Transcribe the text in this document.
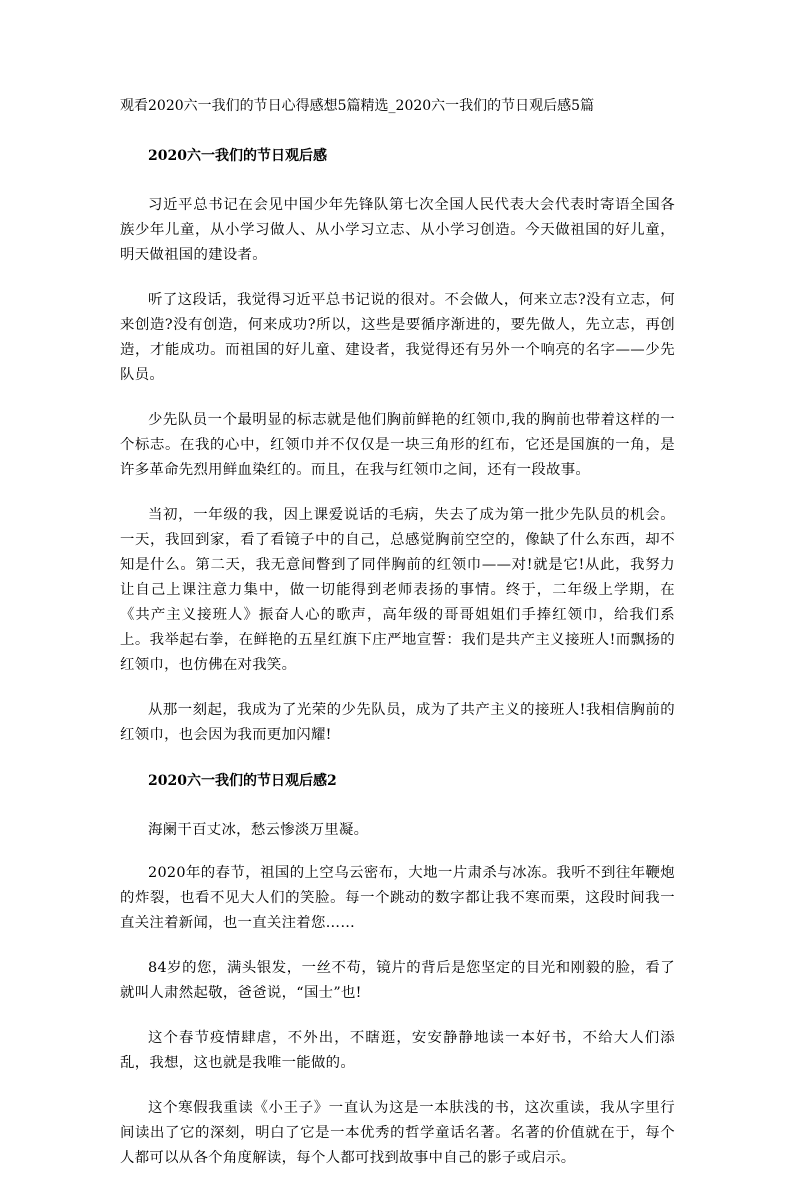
观看2020六一我们的节日心得感想5篇精选_2020六一我们的节日观后感5篇
2020六一我们的节日观后感

习近平总书记在会见中国少年先锋队第七次全国人民代表大会代表时寄语全国各族少年儿童，从小学习做人、从小学习立志、从小学习创造。今天做祖国的好儿童，明天做祖国的建设者。

听了这段话，我觉得习近平总书记说的很对。不会做人，何来立志?没有立志，何来创造?没有创造，何来成功?所以，这些是要循序渐进的，要先做人，先立志，再创造，才能成功。而祖国的好儿童、建设者，我觉得还有另外一个响亮的名字——少先队员。

少先队员一个最明显的标志就是他们胸前鲜艳的红领巾,我的胸前也带着这样的一个标志。在我的心中，红领巾并不仅仅是一块三角形的红布，它还是国旗的一角，是许多革命先烈用鲜血染红的。而且，在我与红领巾之间，还有一段故事。

当初，一年级的我，因上课爱说话的毛病，失去了成为第一批少先队员的机会。一天，我回到家，看了看镜子中的自己，总感觉胸前空空的，像缺了什么东西，却不知是什么。第二天，我无意间瞥到了同伴胸前的红领巾——对!就是它!从此，我努力让自己上课注意力集中，做一切能得到老师表扬的事情。终于，二年级上学期，在《共产主义接班人》振奋人心的歌声，高年级的哥哥姐姐们手捧红领巾，给我们系上。我举起右拳，在鲜艳的五星红旗下庄严地宣誓：我们是共产主义接班人!而飘扬的红领巾，也仿佛在对我笑。

从那一刻起，我成为了光荣的少先队员，成为了共产主义的接班人!我相信胸前的红领巾，也会因为我而更加闪耀!

2020六一我们的节日观后感2

海阑干百丈冰，愁云惨淡万里凝。

2020年的春节，祖国的上空乌云密布，大地一片肃杀与冰冻。我听不到往年鞭炮的炸裂，也看不见大人们的笑脸。每一个跳动的数字都让我不寒而栗，这段时间我一直关注着新闻，也一直关注着您……

84岁的您，满头银发，一丝不苟，镜片的背后是您坚定的目光和刚毅的脸，看了就叫人肃然起敬，爸爸说，“国士”也!

这个春节疫情肆虐，不外出，不瞎逛，安安静静地读一本好书，不给大人们添乱，我想，这也就是我唯一能做的。

这个寒假我重读《小王子》一直认为这是一本肤浅的书，这次重读，我从字里行间读出了它的深刻，明白了它是一本优秀的哲学童话名著。名著的价值就在于，每个人都可以从各个角度解读，每个人都可找到故事中自己的影子或启示。
